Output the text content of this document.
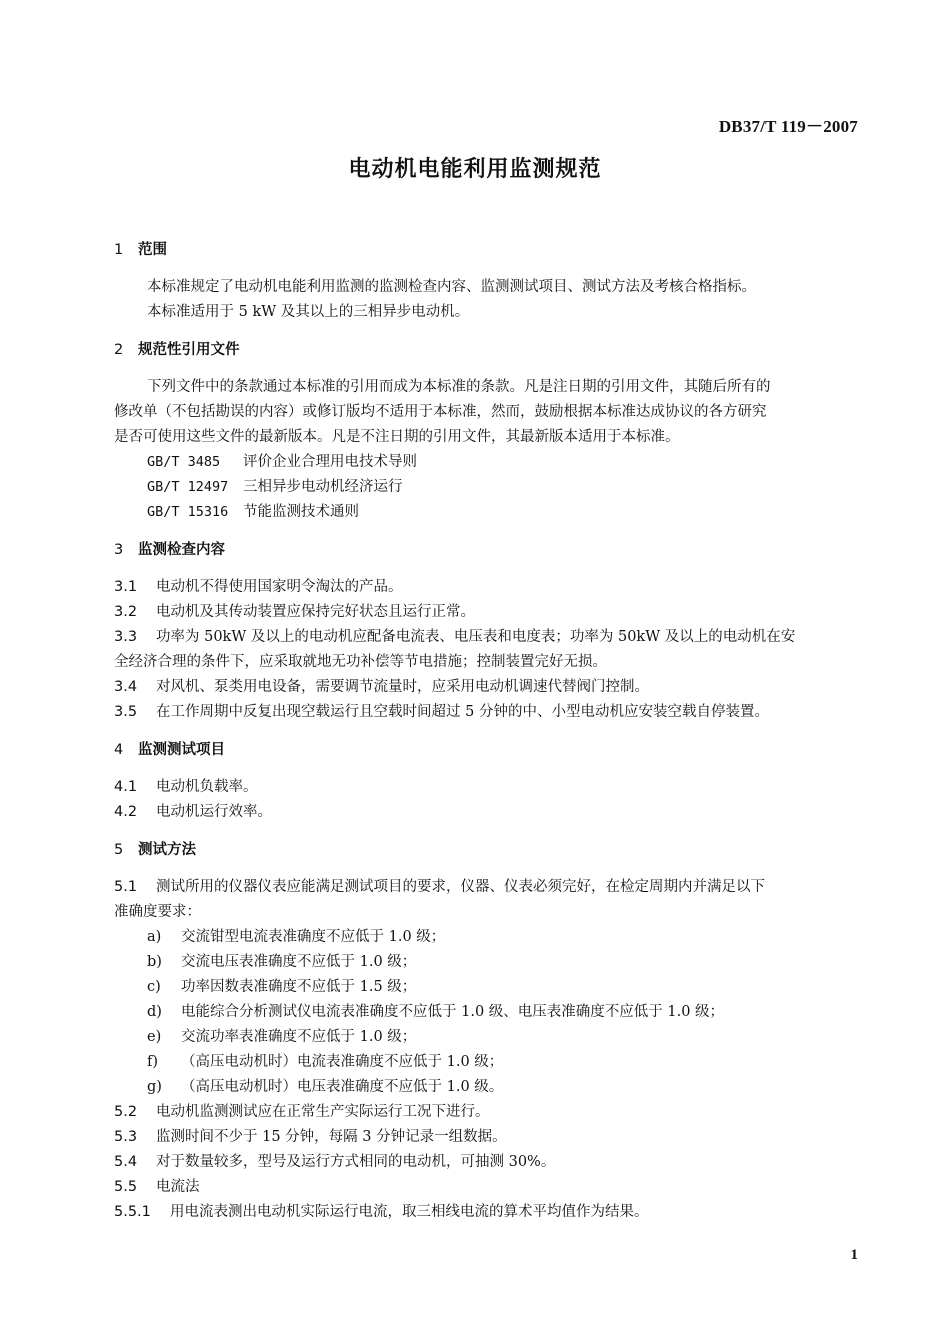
DB37/T 119－2007
电动机电能利用监测规范
1 范围
本标准规定了电动机电能利用监测的监测检查内容、监测测试项目、测试方法及考核合格指标。
本标准适用于 5 kW 及其以上的三相异步电动机。
2 规范性引用文件
下列文件中的条款通过本标准的引用而成为本标准的条款。凡是注日期的引用文件，其随后所有的
修改单（不包括勘误的内容）或修订版均不适用于本标准，然而，鼓励根据本标准达成协议的各方研究
是否可使用这些文件的最新版本。凡是不注日期的引用文件，其最新版本适用于本标准。
GB/T 3485 评价企业合理用电技术导则
GB/T 12497 三相异步电动机经济运行
GB/T 15316 节能监测技术通则
3 监测检查内容
3.1 电动机不得使用国家明令淘汰的产品。
3.2 电动机及其传动装置应保持完好状态且运行正常。
3.3 功率为 50kW 及以上的电动机应配备电流表、电压表和电度表；功率为 50kW 及以上的电动机在安
全经济合理的条件下，应采取就地无功补偿等节电措施；控制装置完好无损。
3.4 对风机、泵类用电设备，需要调节流量时，应采用电动机调速代替阀门控制。
3.5 在工作周期中反复出现空载运行且空载时间超过 5 分钟的中、小型电动机应安装空载自停装置。
4 监测测试项目
4.1 电动机负载率。
4.2 电动机运行效率。
5 测试方法
5.1 测试所用的仪器仪表应能满足测试项目的要求，仪器、仪表必须完好，在检定周期内并满足以下
准确度要求：
a) 交流钳型电流表准确度不应低于 1.0 级；
b) 交流电压表准确度不应低于 1.0 级；
c) 功率因数表准确度不应低于 1.5 级；
d) 电能综合分析测试仪电流表准确度不应低于 1.0 级、电压表准确度不应低于 1.0 级；
e) 交流功率表准确度不应低于 1.0 级；
f) （高压电动机时）电流表准确度不应低于 1.0 级；
g) （高压电动机时）电压表准确度不应低于 1.0 级。
5.2 电动机监测测试应在正常生产实际运行工况下进行。
5.3 监测时间不少于 15 分钟，每隔 3 分钟记录一组数据。
5.4 对于数量较多，型号及运行方式相同的电动机，可抽测 30%。
5.5 电流法
5.5.1 用电流表测出电动机实际运行电流，取三相线电流的算术平均值作为结果。
1
